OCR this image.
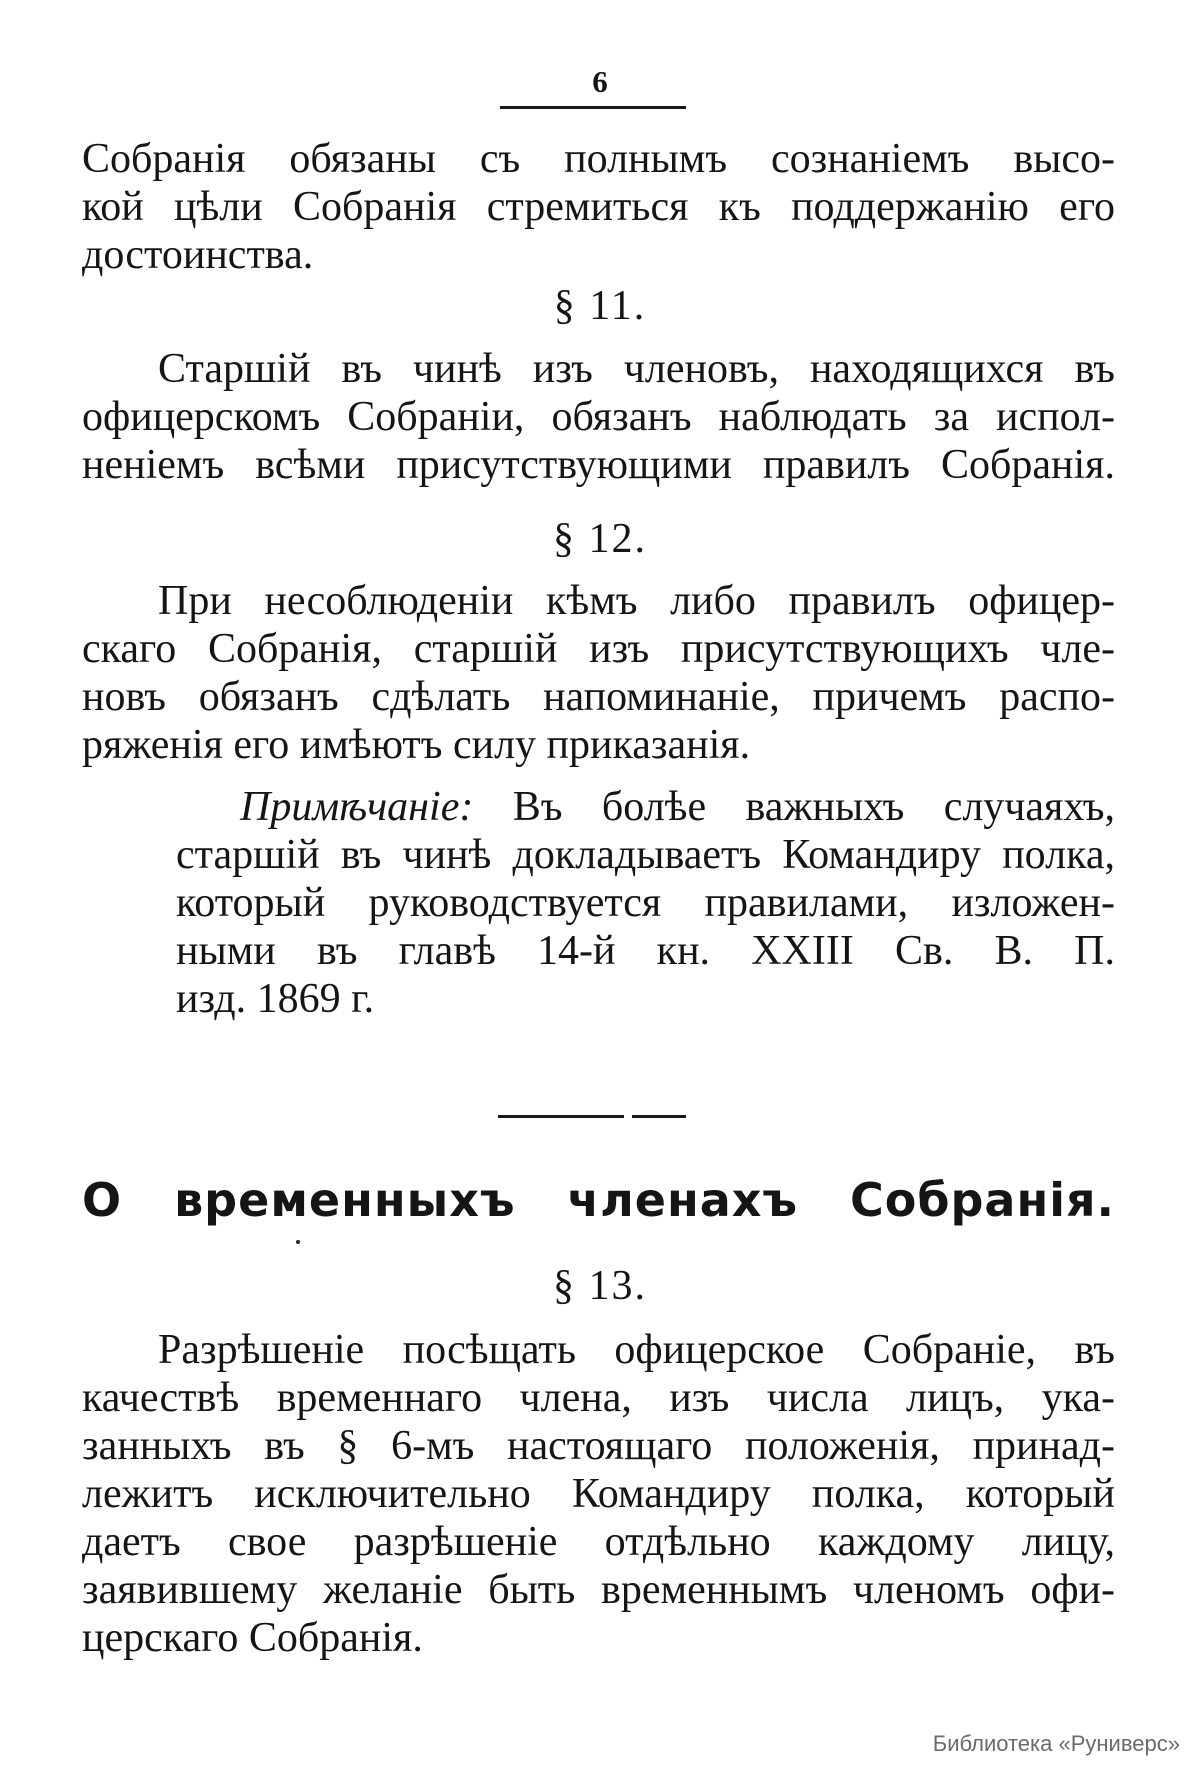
6
Собранія обязаны съ полнымъ сознаніемъ высо-
кой цѣли Собранія стремиться къ поддержанію его
достоинства.
§ 11.
Старшій въ чинѣ изъ членовъ, находящихся въ
офицерскомъ Собраніи, обязанъ наблюдать за испол-
неніемъ всѣми присутствующими правилъ Собранія.
§ 12.
При несоблюденіи кѣмъ либо правилъ офицер-
скаго Собранія, старшій изъ присутствующихъ чле-
новъ обязанъ сдѣлать напоминаніе, причемъ распо-
ряженія его имѣютъ силу приказанія.
Примѣчаніе: Въ болѣе важныхъ случаяхъ,
старшій въ чинѣ докладываетъ Командиру полка,
который руководствуется правилами, изложен-
ными въ главѣ 14-й кн. XXIII Св. В. П.
изд. 1869 г.
О временныхъ членахъ Собранія.
§ 13.
Разрѣшеніе посѣщать офицерское Собраніе, въ
качествѣ временнаго члена, изъ числа лицъ, ука-
занныхъ въ § 6-мъ настоящаго положенія, принад-
лежитъ исключительно Командиру полка, который
даетъ свое разрѣшеніе отдѣльно каждому лицу,
заявившему желаніе быть временнымъ членомъ офи-
церскаго Собранія.
Библиотека «Руниверс»
